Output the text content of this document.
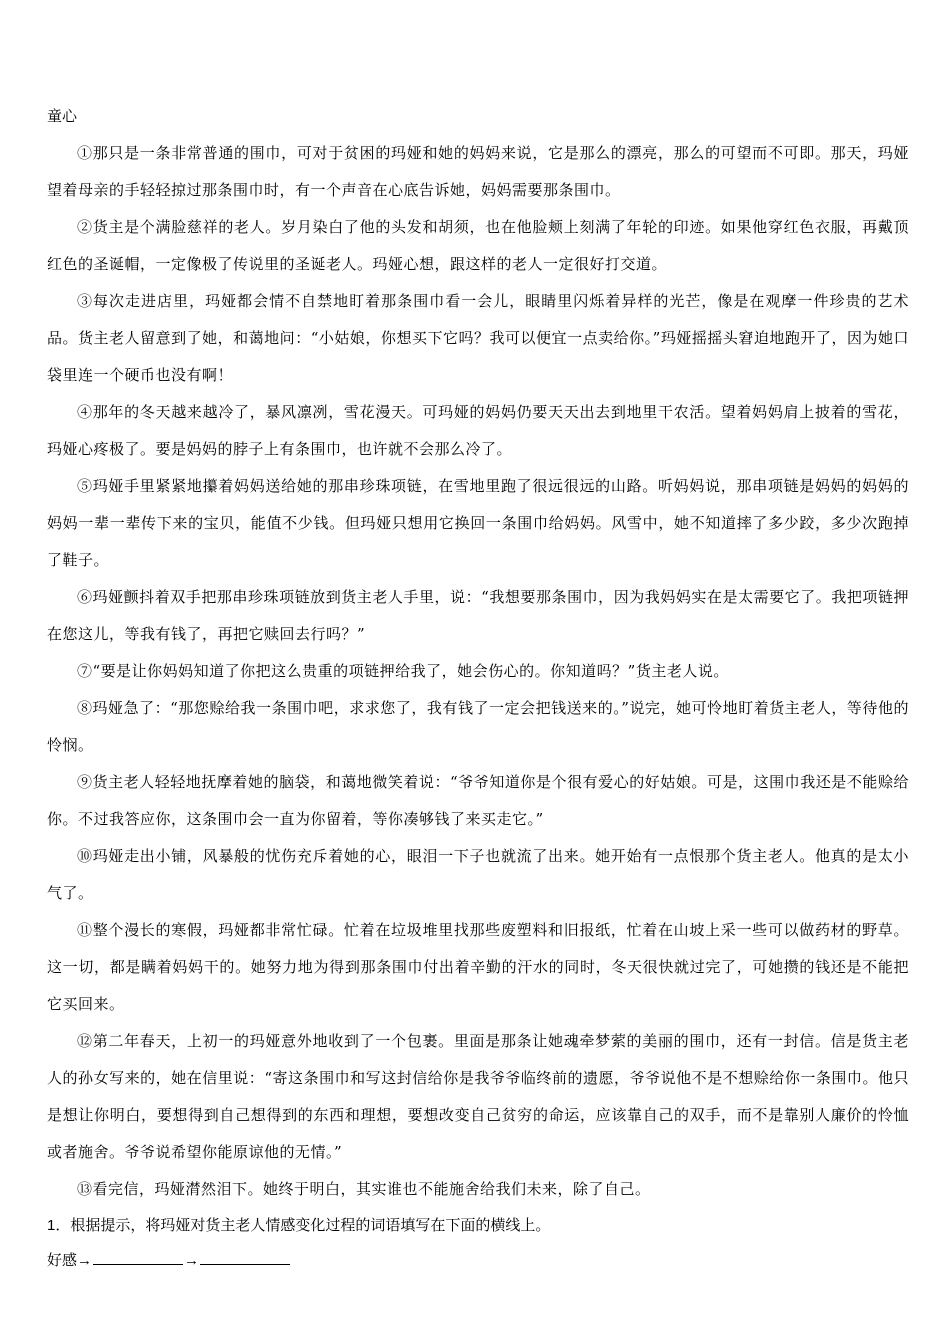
童心

①那只是一条非常普通的围巾，可对于贫困的玛娅和她的妈妈来说，它是那么的漂亮，那么的可望而不可即。那天，玛娅望着母亲的手轻轻掠过那条围巾时，有一个声音在心底告诉她，妈妈需要那条围巾。

②货主是个满脸慈祥的老人。岁月染白了他的头发和胡须，也在他脸颊上刻满了年轮的印迹。如果他穿红色衣服，再戴顶红色的圣诞帽，一定像极了传说里的圣诞老人。玛娅心想，跟这样的老人一定很好打交道。

③每次走进店里，玛娅都会情不自禁地盯着那条围巾看一会儿，眼睛里闪烁着异样的光芒，像是在观摩一件珍贵的艺术品。货主老人留意到了她，和蔼地问：“小姑娘，你想买下它吗？我可以便宜一点卖给你。”玛娅摇摇头窘迫地跑开了，因为她口袋里连一个硬币也没有啊！

④那年的冬天越来越冷了，暴风凛冽，雪花漫天。可玛娅的妈妈仍要天天出去到地里干农活。望着妈妈肩上披着的雪花，玛娅心疼极了。要是妈妈的脖子上有条围巾，也许就不会那么冷了。

⑤玛娅手里紧紧地攥着妈妈送给她的那串珍珠项链，在雪地里跑了很远很远的山路。听妈妈说，那串项链是妈妈的妈妈的妈妈一辈一辈传下来的宝贝，能值不少钱。但玛娅只想用它换回一条围巾给妈妈。风雪中，她不知道摔了多少跤，多少次跑掉了鞋子。

⑥玛娅颤抖着双手把那串珍珠项链放到货主老人手里，说：“我想要那条围巾，因为我妈妈实在是太需要它了。我把项链押在您这儿，等我有钱了，再把它赎回去行吗？”

⑦“要是让你妈妈知道了你把这么贵重的项链押给我了，她会伤心的。你知道吗？”货主老人说。

⑧玛娅急了：“那您赊给我一条围巾吧，求求您了，我有钱了一定会把钱送来的。”说完，她可怜地盯着货主老人，等待他的怜悯。

⑨货主老人轻轻地抚摩着她的脑袋，和蔼地微笑着说：“爷爷知道你是个很有爱心的好姑娘。可是，这围巾我还是不能赊给你。不过我答应你，这条围巾会一直为你留着，等你凑够钱了来买走它。”

⑩玛娅走出小铺，风暴般的忧伤充斥着她的心，眼泪一下子也就流了出来。她开始有一点恨那个货主老人。他真的是太小气了。

⑪整个漫长的寒假，玛娅都非常忙碌。忙着在垃圾堆里找那些废塑料和旧报纸，忙着在山坡上采一些可以做药材的野草。这一切，都是瞒着妈妈干的。她努力地为得到那条围巾付出着辛勤的汗水的同时，冬天很快就过完了，可她攒的钱还是不能把它买回来。

⑫第二年春天，上初一的玛娅意外地收到了一个包裹。里面是那条让她魂牵梦萦的美丽的围巾，还有一封信。信是货主老人的孙女写来的，她在信里说：“寄这条围巾和写这封信给你是我爷爷临终前的遗愿，爷爷说他不是不想赊给你一条围巾。他只是想让你明白，要想得到自己想得到的东西和理想，要想改变自己贫穷的命运，应该靠自己的双手，而不是靠别人廉价的怜恤或者施舍。爷爷说希望你能原谅他的无情。”

⑬看完信，玛娅潸然泪下。她终于明白，其实谁也不能施舍给我们未来，除了自己。

1．根据提示，将玛娅对货主老人情感变化过程的词语填写在下面的横线上。

好感 →	→
